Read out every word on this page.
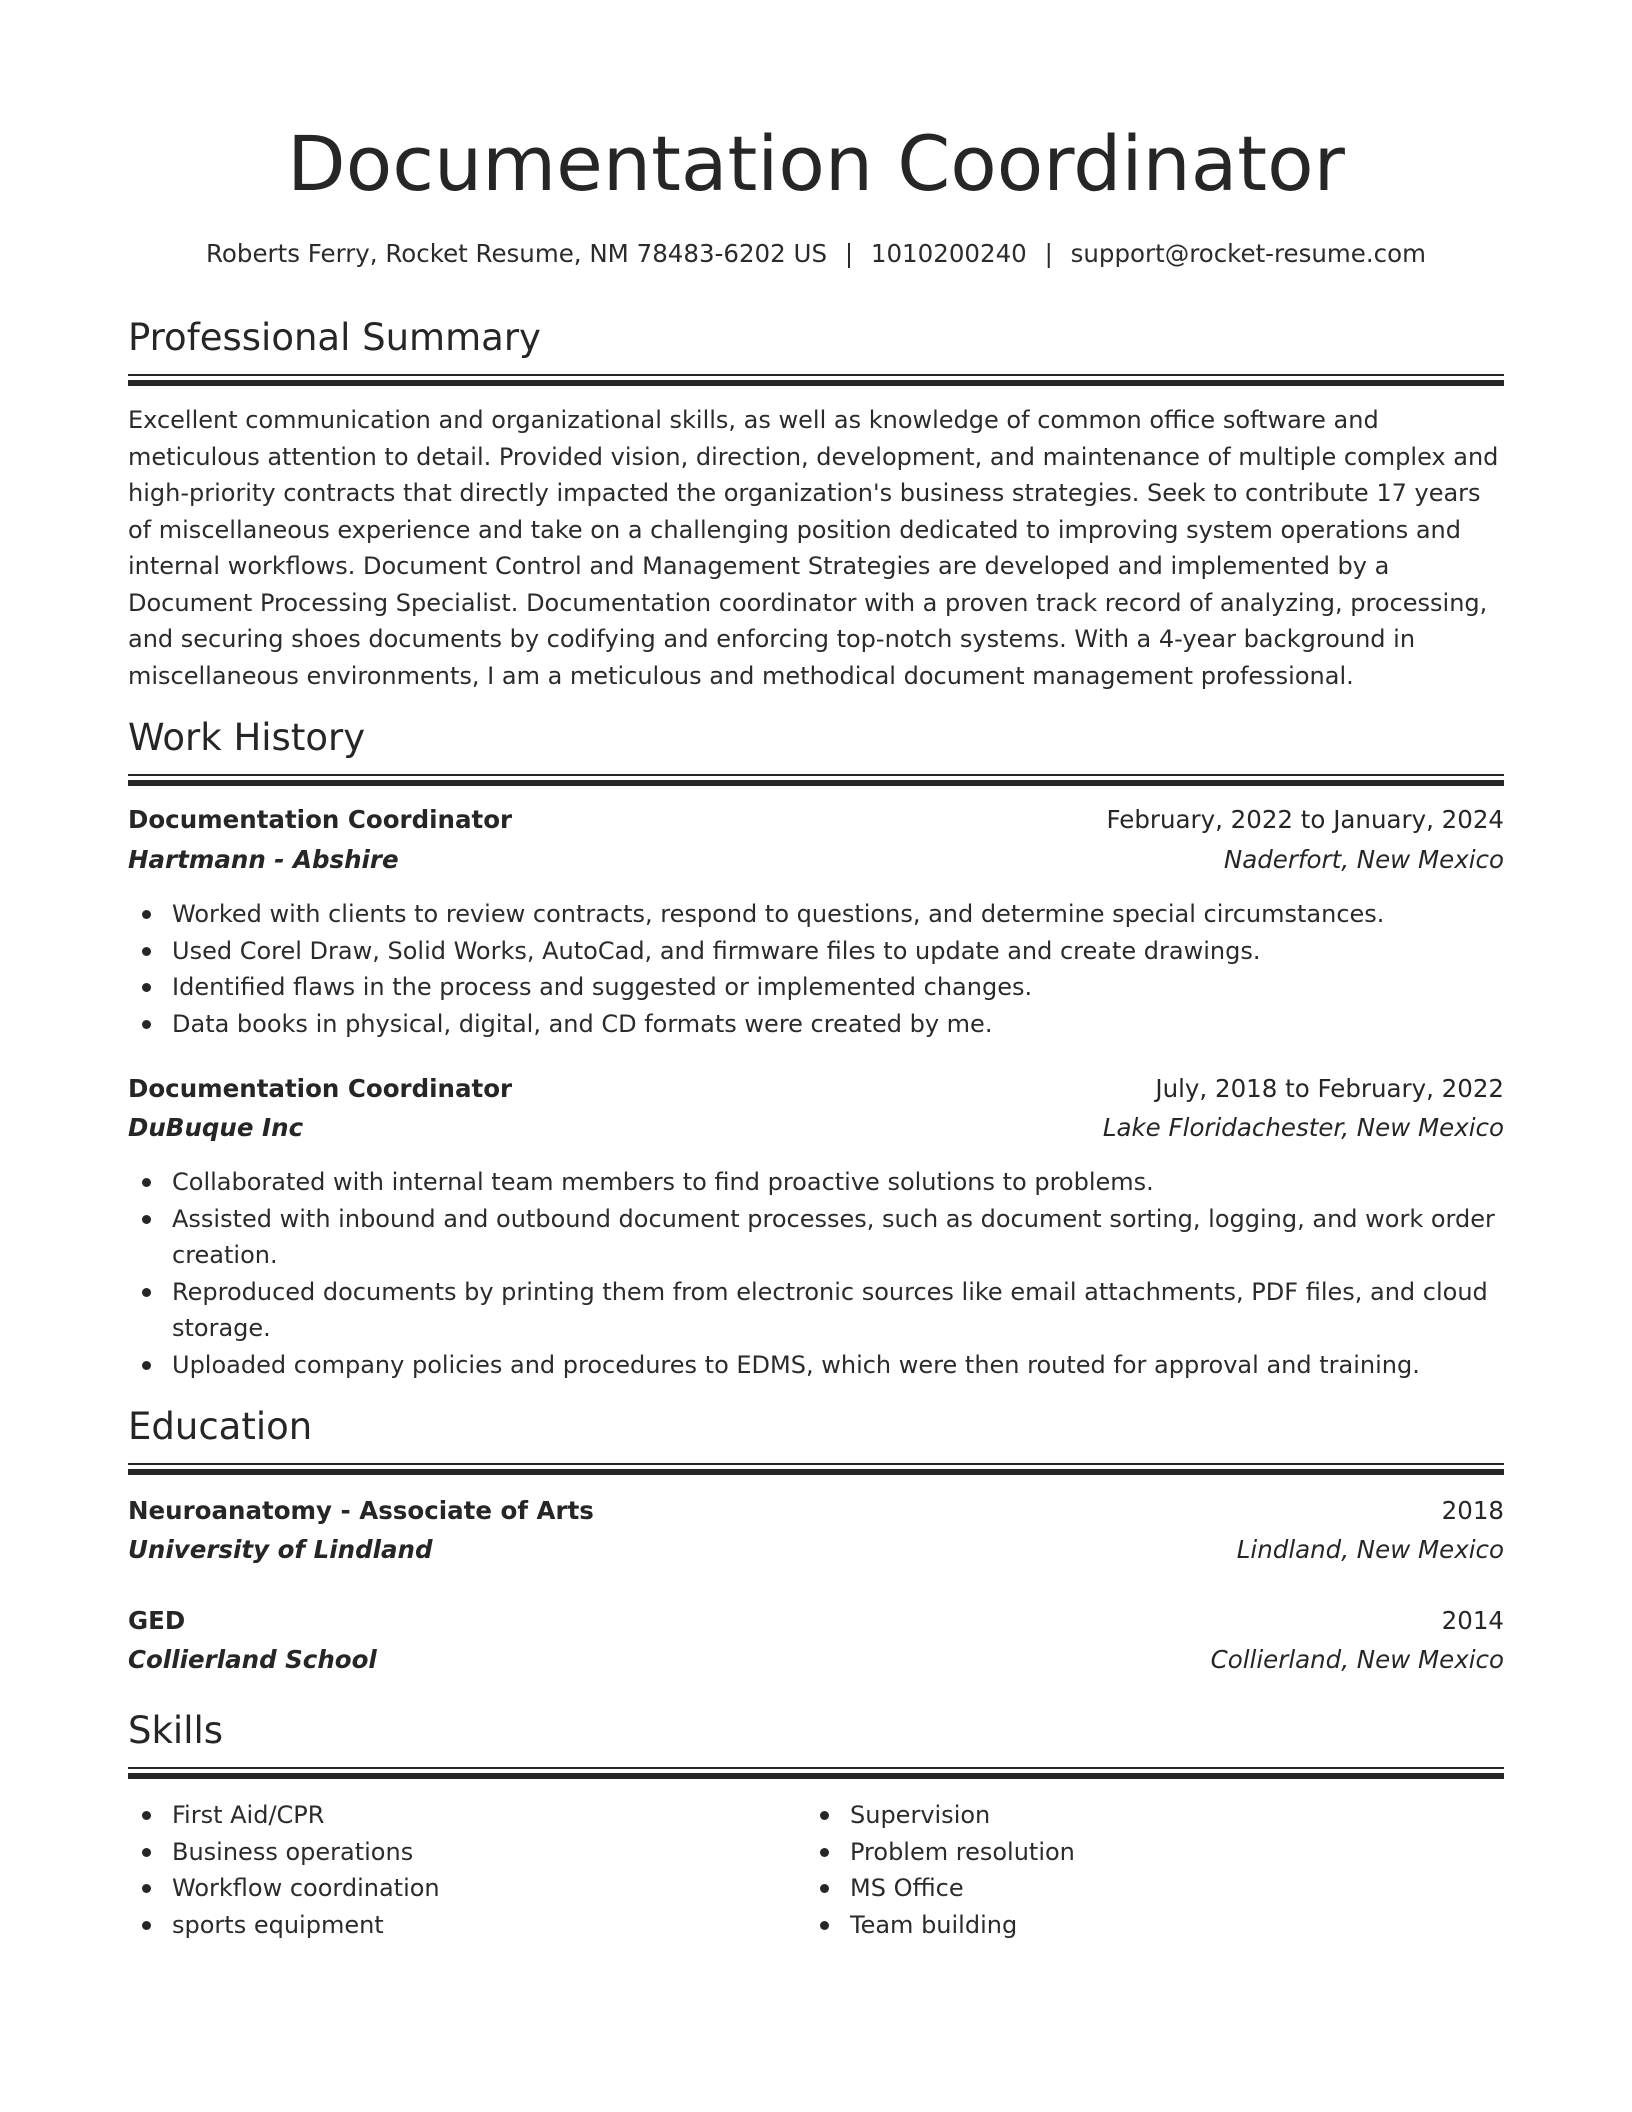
Documentation Coordinator
Roberts Ferry, Rocket Resume, NM 78483-6202 US | 1010200240 | support@rocket-resume.com
Professional Summary

Excellent communication and organizational skills, as well as knowledge of common office software and meticulous attention to detail. Provided vision, direction, development, and maintenance of multiple complex and high-priority contracts that directly impacted the organization's business strategies. Seek to contribute 17 years of miscellaneous experience and take on a challenging position dedicated to improving system operations and internal workflows. Document Control and Management Strategies are developed and implemented by a Document Processing Specialist. Documentation coordinator with a proven track record of analyzing, processing, and securing shoes documents by codifying and enforcing top-notch systems. With a 4-year background in miscellaneous environments, I am a meticulous and methodical document management professional.

Work History
Documentation Coordinator	February, 2022 to January, 2024
Hartmann - Abshire	Naderfort, New Mexico
Worked with clients to review contracts, respond to questions, and determine special circumstances.
Used Corel Draw, Solid Works, AutoCad, and firmware files to update and create drawings.
Identified flaws in the process and suggested or implemented changes.
Data books in physical, digital, and CD formats were created by me.
Documentation Coordinator	July, 2018 to February, 2022
DuBuque Inc	Lake Floridachester, New Mexico
Collaborated with internal team members to find proactive solutions to problems.
Assisted with inbound and outbound document processes, such as document sorting, logging, and work order creation.
Reproduced documents by printing them from electronic sources like email attachments, PDF files, and cloud storage.
Uploaded company policies and procedures to EDMS, which were then routed for approval and training.
Education
Neuroanatomy - Associate of Arts	2018
University of Lindland	Lindland, New Mexico
GED	2014
Collierland School	Collierland, New Mexico
Skills
First Aid/CPR
Business operations
Workflow coordination
sports equipment
Supervision
Problem resolution
MS Office
Team building
